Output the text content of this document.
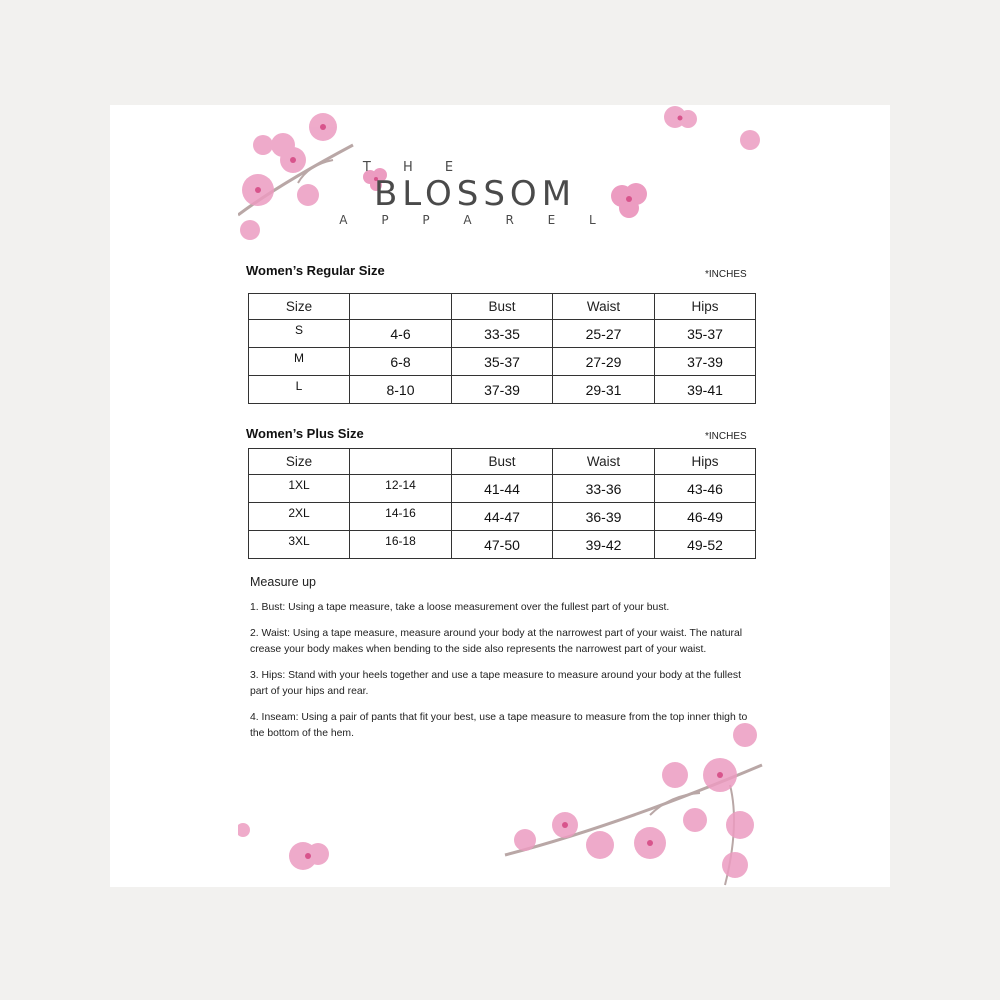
T H E
BLOSSOM
A P P A R E L
Women’s Regular Size	*INCHES
Size		Bust	Waist	Hips
S	4-6	33-35	25-27	35-37
M	6-8	35-37	27-29	37-39
L	8-10	37-39	29-31	39-41
Women’s Plus Size	*INCHES
Size		Bust	Waist	Hips
1XL	12-14	41-44	33-36	43-46
2XL	14-16	44-47	36-39	46-49
3XL	16-18	47-50	39-42	49-52
Measure up

1. Bust: Using a tape measure, take a loose measurement over the fullest part of your bust.

2. Waist: Using a tape measure, measure around your body at the narrowest part of your waist. The natural crease your body makes when bending to the side also represents the narrowest part of your waist.

3. Hips: Stand with your heels together and use a tape measure to measure around your body at the fullest part of your hips and rear.

4. Inseam: Using a pair of pants that fit your best, use a tape measure to measure from the top inner thigh to the bottom of the hem.
